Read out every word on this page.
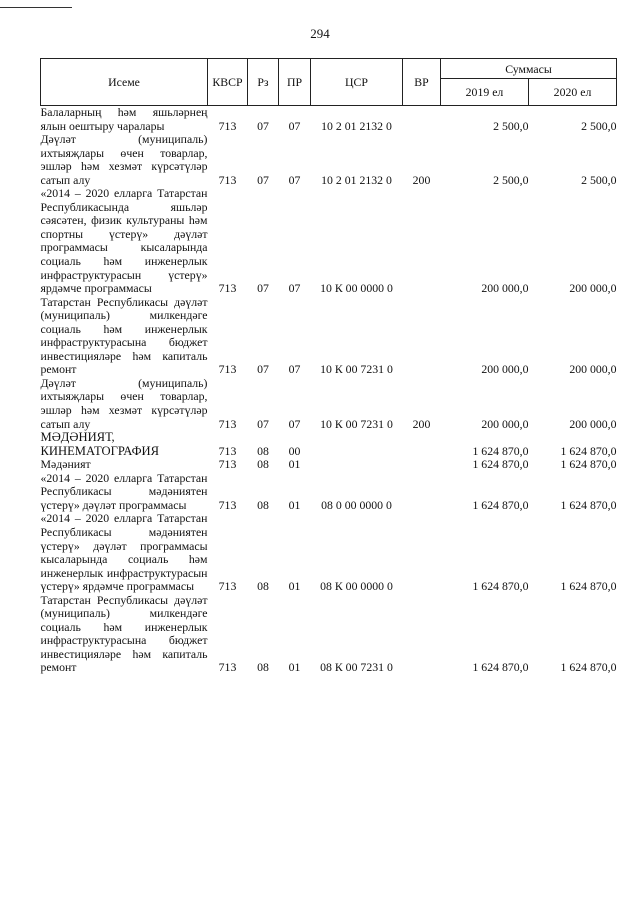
294
Исеме	КВСР	Рз	ПР	ЦСР	ВР	Суммасы	
						2019 ел	2020 ел
Балаларның һәм яшьләрнең ялын оештыру чаралары	713	07	07	10 2 01 2132 0		2 500,0	2 500,0
Дәүләт (муниципаль) ихтыяҗлары өчен товарлар, эшләр һәм хезмәт күрсәтүләр сатып алу	713	07	07	10 2 01 2132 0	200	2 500,0	2 500,0
«2014 – 2020 елларга Татарстан Республикасында яшьләр сәясәтен, физик культураны һәм спортны үстерү» дәүләт программасы кысаларында социаль һәм инженерлык инфраструктурасын үстерү» ярдәмче программасы	713	07	07	10 К 00 0000 0		200 000,0	200 000,0
Татарстан Республикасы дәүләт (муниципаль) милкендәге социаль һәм инженерлык инфраструктурасына бюджет инвестицияләре һәм капиталь ремонт	713	07	07	10 К 00 7231 0		200 000,0	200 000,0
Дәүләт (муниципаль) ихтыяҗлары өчен товарлар, эшләр һәм хезмәт күрсәтүләр сатып алу	713	07	07	10 К 00 7231 0	200	200 000,0	200 000,0
МӘДӘНИЯТ, КИНЕМАТОГРАФИЯ	713	08	00			1 624 870,0	1 624 870,0
Мәдәният	713	08	01			1 624 870,0	1 624 870,0
«2014 – 2020 елларга Татарстан Республикасы мәдәниятен үстерү» дәүләт программасы	713	08	01	08 0 00 0000 0		1 624 870,0	1 624 870,0
«2014 – 2020 елларга Татарстан Республикасы мәдәниятен үстерү» дәүләт программасы кысаларында социаль һәм инженерлык инфраструктурасын үстерү» ярдәмче программасы	713	08	01	08 К 00 0000 0		1 624 870,0	1 624 870,0
Татарстан Республикасы дәүләт (муниципаль) милкендәге социаль һәм инженерлык инфраструктурасына бюджет инвестицияләре һәм капиталь ремонт	713	08	01	08 К 00 7231 0		1 624 870,0	1 624 870,0
